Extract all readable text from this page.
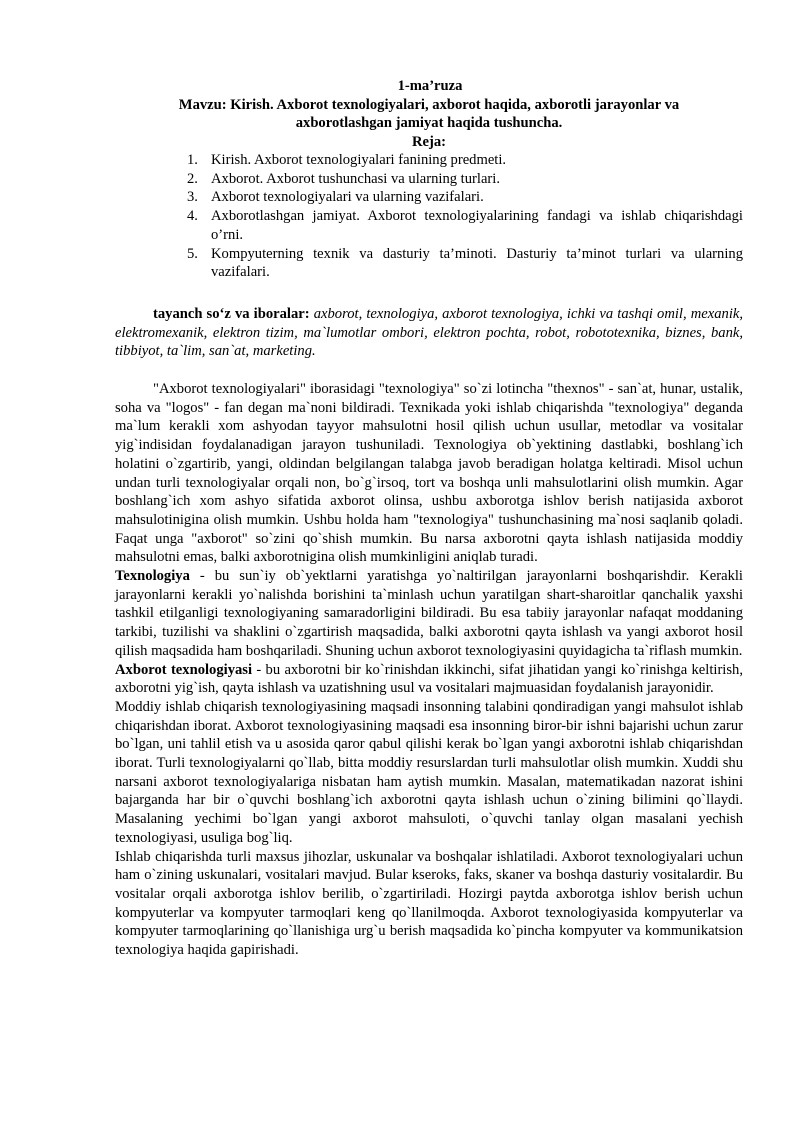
1-ma’ruza
Mavzu: Kirish. Axborot texnologiyalari, axborot haqida, axborotli jarayonlar va
axborotlashgan jamiyat haqida tushuncha.
Reja:
1. Kirish. Axborot texnologiyalari fanining predmeti.
2. Axborot. Axborot tushunchasi va ularning turlari.
3. Axborot texnologiyalari va ularning vazifalari.
4. Axborotlashgan jamiyat. Axborot texnologiyalarining fandagi va ishlab chiqarishdagi o’rni.
5. Kompyuterning texnik va dasturiy ta’minoti. Dasturiy ta’minot turlari va ularning vazifalari.
tayanch so‘z va iboralar: axborot, texnologiya, axborot texnologiya, ichki va tashqi omil, mexanik, elektromexanik, elektron tizim, ma`lumotlar ombori, elektron pochta, robot, robototexnika, biznes, bank, tibbiyot, ta`lim, san`at, marketing.

"Axborot texnologiyalari" iborasidagi "texnologiya" so`zi lotincha "thexnos" - san`at, hunar, ustalik, soha va "logos" - fan degan ma`noni bildiradi. Texnikada yoki ishlab chiqarishda "texnologiya" deganda ma`lum kerakli xom ashyodan tayyor mahsulotni hosil qilish uchun usullar, metodlar va vositalar yig`indisidan foydalanadigan jarayon tushuniladi. Texnologiya ob`yektining dastlabki, boshlang`ich holatini o`zgartirib, yangi, oldindan belgilangan talabga javob beradigan holatga keltiradi. Misol uchun undan turli texnologiyalar orqali non, bo`g`irsoq, tort va boshqa unli mahsulotlarini olish mumkin. Agar boshlang`ich xom ashyo sifatida axborot olinsa, ushbu axborotga ishlov berish natijasida axborot mahsulotinigina olish mumkin. Ushbu holda ham "texnologiya" tushunchasining ma`nosi saqlanib qoladi. Faqat unga "axborot" so`zini qo`shish mumkin. Bu narsa axborotni qayta ishlash natijasida moddiy mahsulotni emas, balki axborotnigina olish mumkinligini aniqlab turadi.

Texnologiya - bu sun`iy ob`yektlarni yaratishga yo`naltirilgan jarayonlarni boshqarishdir. Kerakli jarayonlarni kerakli yo`nalishda borishini ta`minlash uchun yaratilgan shart-sharoitlar qanchalik yaxshi tashkil etilganligi texnologiyaning samaradorligini bildiradi. Bu esa tabiiy jarayonlar nafaqat moddaning tarkibi, tuzilishi va shaklini o`zgartirish maqsadida, balki axborotni qayta ishlash va yangi axborot hosil qilish maqsadida ham boshqariladi. Shuning uchun axborot texnologiyasini quyidagicha ta`riflash mumkin.

Axborot texnologiyasi - bu axborotni bir ko`rinishdan ikkinchi, sifat jihatidan yangi ko`rinishga keltirish, axborotni yig`ish, qayta ishlash va uzatishning usul va vositalari majmuasidan foydalanish jarayonidir.

Moddiy ishlab chiqarish texnologiyasining maqsadi insonning talabini qondiradigan yangi mahsulot ishlab chiqarishdan iborat. Axborot texnologiyasining maqsadi esa insonning biror-bir ishni bajarishi uchun zarur bo`lgan, uni tahlil etish va u asosida qaror qabul qilishi kerak bo`lgan yangi axborotni ishlab chiqarishdan iborat. Turli texnologiyalarni qo`llab, bitta moddiy resurslardan turli mahsulotlar olish mumkin. Xuddi shu narsani axborot texnologiyalariga nisbatan ham aytish mumkin. Masalan, matematikadan nazorat ishini bajarganda har bir o`quvchi boshlang`ich axborotni qayta ishlash uchun o`zining bilimini qo`llaydi. Masalaning yechimi bo`lgan yangi axborot mahsuloti, o`quvchi tanlay olgan masalani yechish texnologiyasi, usuliga bog`liq.

Ishlab chiqarishda turli maxsus jihozlar, uskunalar va boshqalar ishlatiladi. Axborot texnologiyalari uchun ham o`zining uskunalari, vositalari mavjud. Bular kseroks, faks, skaner va boshqa dasturiy vositalardir. Bu vositalar orqali axborotga ishlov berilib, o`zgartiriladi. Hozirgi paytda axborotga ishlov berish uchun kompyuterlar va kompyuter tarmoqlari keng qo`llanilmoqda. Axborot texnologiyasida kompyuterlar va kompyuter tarmoqlarining qo`llanishiga urg`u berish maqsadida ko`pincha kompyuter va kommunikatsion texnologiya haqida gapirishadi.
